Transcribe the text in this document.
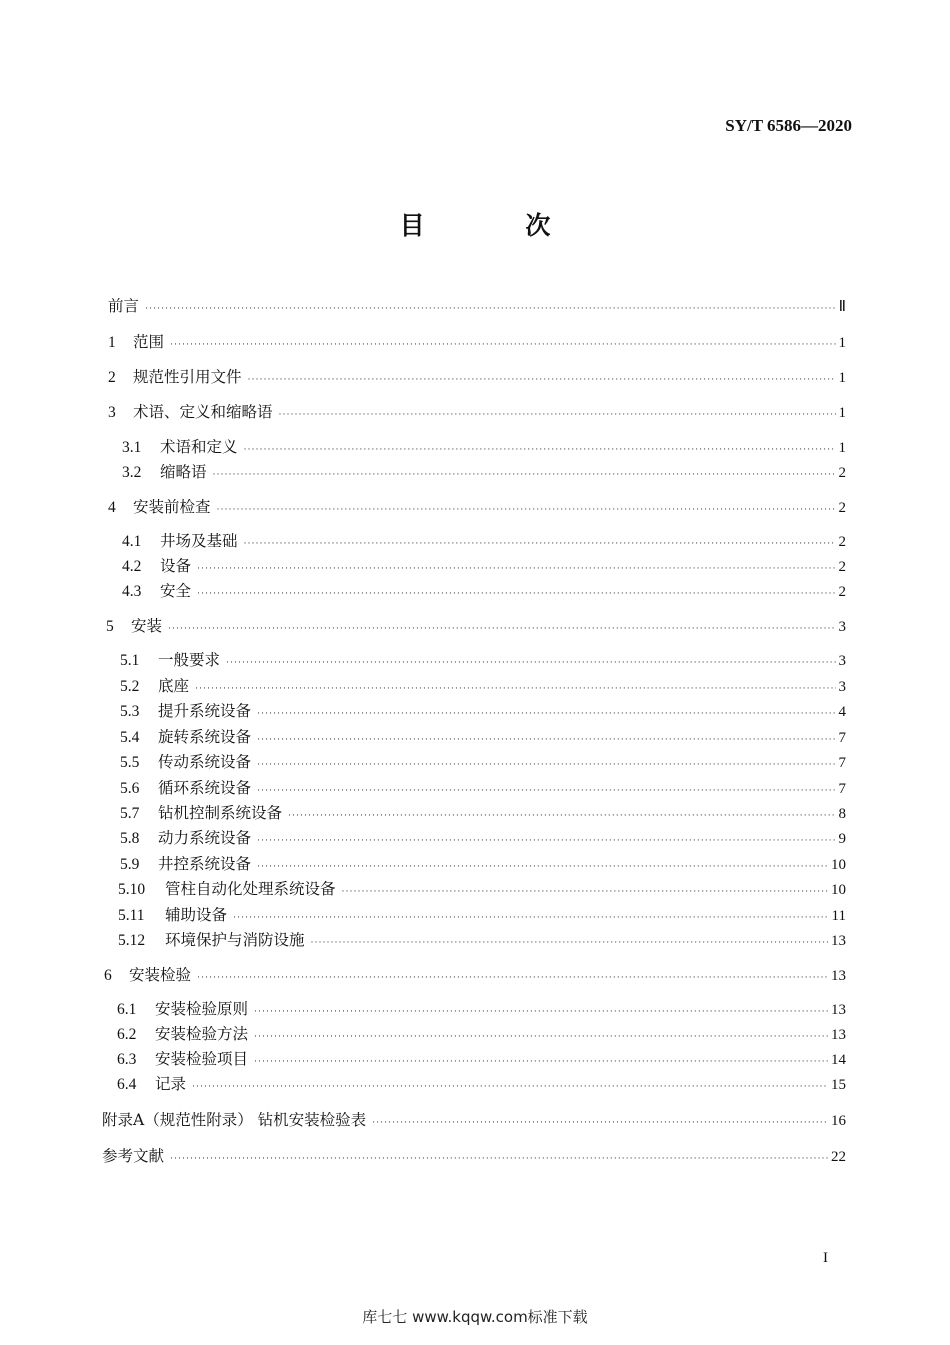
SY/T 6586—2020
目 次
前言 ·····	Ⅱ
1	范围 ·····	1
2	规范性引用文件 ·····	1
3	术语、定义和缩略语 ·····	1
3.1	术语和定义 ·····	1
3.2	缩略语 ·····	2
4	安装前检查 ·····	2
4.1	井场及基础 ·····	2
4.2	设备 ·····	2
4.3	安全 ·····	2
5	安装 ·····	3
5.1	一般要求 ·····	3
5.2	底座 ·····	3
5.3	提升系统设备 ·····	4
5.4	旋转系统设备 ·····	7
5.5	传动系统设备 ·····	7
5.6	循环系统设备 ·····	7
5.7	钻机控制系统设备 ·····	8
5.8	动力系统设备 ·····	9
5.9	井控系统设备 ·····	10
5.10	管柱自动化处理系统设备 ·····	10
5.11	辅助设备 ·····	11
5.12	环境保护与消防设施 ·····	13
6	安装检验 ·····	13
6.1	安装检验原则 ·····	13
6.2	安装检验方法 ·····	13
6.3	安装检验项目 ·····	14
6.4	记录 ·····	15
附录A（规范性附录） 钻机安装检验表 ·····	16
参考文献 ·····	22
I
库七七 www.kqqw.com标准下载
